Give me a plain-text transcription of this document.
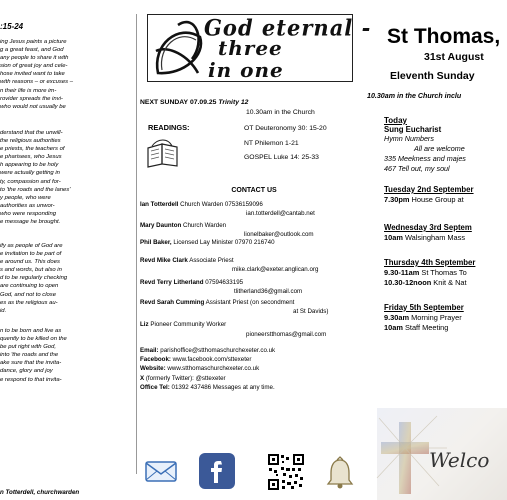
:15-24
ing Jesus paints a picture
g a great feast, and God
any people to share it with
sion of great joy and cele-
hose invited want to take
with reasons – or excuses –
n their life is more im-
rovider spreads the invi-
who would not usually be
derstand that the unwill-
the religious authorities
e priests, the teachers of
e pharisees, who Jesus
h appearing to be holy
were actually getting in
ty, compassion and for-
to 'the roads and the lanes'
y people, who were
authorities as unwor-
who were responding
e message he brought.
ify as people of God are
e invitation to be part of
e around us. This does
s and words, but also in
d to be regularly checking
are continuing to open
God, and not to close
es as the religious au-
id.
n to be born and live as
quently to be killed on the
be put right with God,
into 'the roads and the
ake sure that the invita-
dance, glory and joy
e respond to that invita-
n Totterdell, churchwarden
God eternal -
three
in one
NEXT SUNDAY 07.09.25 Trinity 12
10.30am in the Church
READINGS:	OT Deuteronomy 30: 15-20
NT Philemon 1-21
GOSPEL Luke 14: 25-33
CONTACT US
Ian Totterdell Church Warden 07536159096
ian.totterdell@cantab.net
Mary Daunton Church Warden
lionelbaker@outlook.com
Phil Baker, Licensed Lay Minister 07970 216740
Revd Mike Clark Associate Priest
mike.clark@exeter.anglican.org
Revd Terry Litherland 07594633195
tlitherland36@gmail.com
Revd Sarah Cumming Assistant Priest (on secondment
at St Davids)
Liz Pioneer Community Worker
pioneerstthomas@gmail.com
Email: parishoffice@stthomaschurchexeter.co.uk
Facebook: www.facebook.com/sttexeter
Website: www.stthomaschurchexeter.co.uk
X (formerly Twitter): @sttexeter
Office Tel: 01392 437486 Messages at any time.
St Thomas,
31st August
Eleventh Sunday
10.30am in the Church inclu
Today
Sung Eucharist
Hymn Numbers
All are welcome
335 Meekness and majes
467 Tell out, my soul
Tuesday 2nd September
7.30pm House Group at
Wednesday 3rd Septem
10am Walsingham Mass
Thursday 4th September
9.30-11am St Thomas To
10.30-12noon Knit & Nat
Friday 5th September
9.30am Morning Prayer
10am Staff Meeting
Welco
